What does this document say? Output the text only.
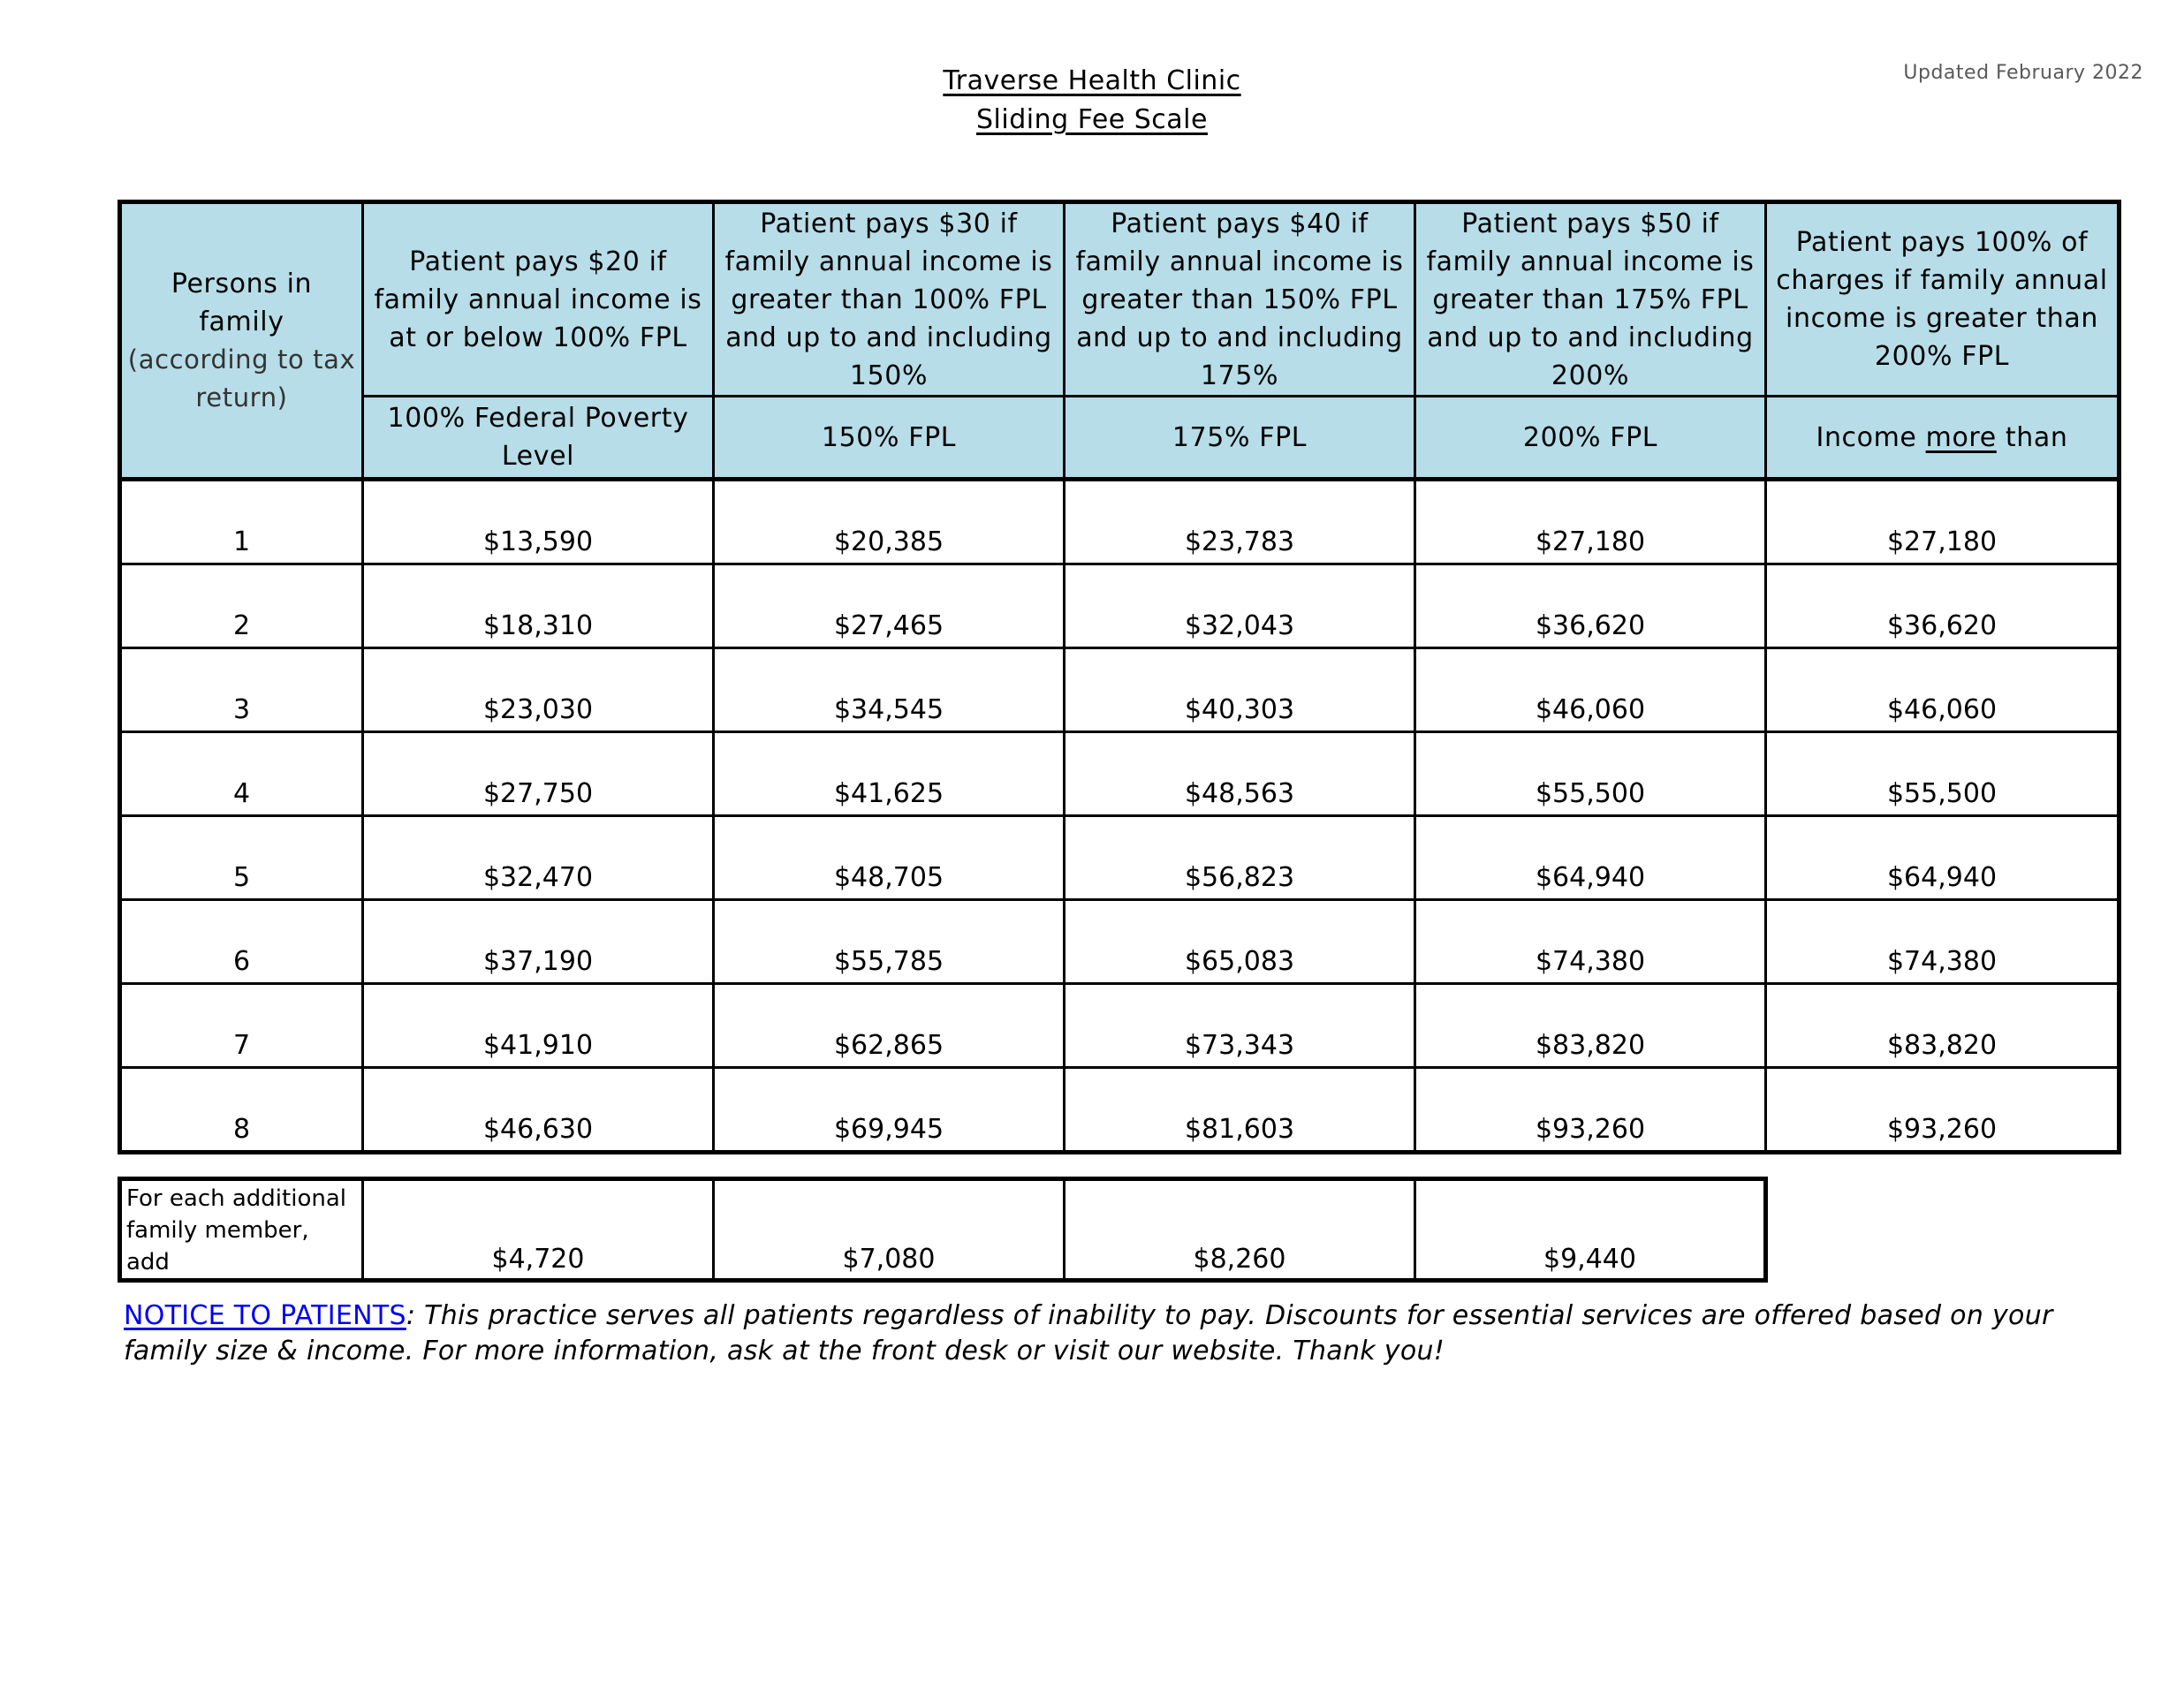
Updated February 2022
Traverse Health Clinic
Sliding Fee Scale
Persons in family
(according to tax return)	Patient pays $20 if family annual income is at or below 100% FPL	Patient pays $30 if family annual income is greater than 100% FPL and up to and including 150%	Patient pays $40 if family annual income is greater than 150% FPL and up to and including 175%	Patient pays $50 if family annual income is greater than 175% FPL and up to and including 200%	Patient pays 100% of charges if family annual income is greater than 200% FPL
	100% Federal Poverty Level	150% FPL	175% FPL	200% FPL	Income more than
1	$13,590	$20,385	$23,783	$27,180	$27,180
2	$18,310	$27,465	$32,043	$36,620	$36,620
3	$23,030	$34,545	$40,303	$46,060	$46,060
4	$27,750	$41,625	$48,563	$55,500	$55,500
5	$32,470	$48,705	$56,823	$64,940	$64,940
6	$37,190	$55,785	$65,083	$74,380	$74,380
7	$41,910	$62,865	$73,343	$83,820	$83,820
8	$46,630	$69,945	$81,603	$93,260	$93,260
For each additional family member, add	$4,720	$7,080	$8,260	$9,440
NOTICE TO PATIENTS: This practice serves all patients regardless of inability to pay. Discounts for essential services are offered based on your family size & income. For more information, ask at the front desk or visit our website. Thank you!
